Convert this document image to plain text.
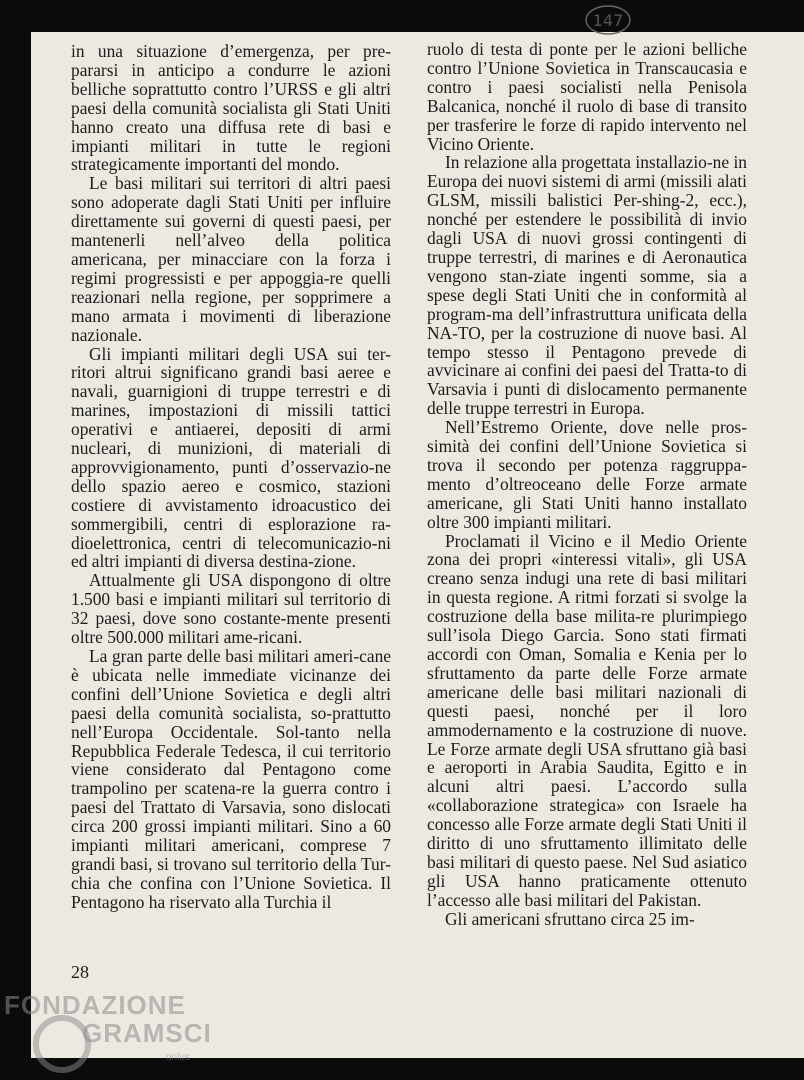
147

in una situazione d’emergenza, per pre-pararsi in anticipo a condurre le azioni belliche soprattutto contro l’URSS e gli altri paesi della comunità socialista gli Stati Uniti hanno creato una diffusa rete di basi e impianti militari in tutte le regioni strategicamente importanti del mondo.

Le basi militari sui territori di altri paesi sono adoperate dagli Stati Uniti per influire direttamente sui governi di questi paesi, per mantenerli nell’alveo della politica americana, per minacciare con la forza i regimi progressisti e per appoggia-re quelli reazionari nella regione, per sopprimere a mano armata i movimenti di liberazione nazionale.

Gli impianti militari degli USA sui ter-ritori altrui significano grandi basi aeree e navali, guarnigioni di truppe terrestri e di marines, impostazioni di missili tattici operativi e antiaerei, depositi di armi nucleari, di munizioni, di materiali di approvvigionamento, punti d’osservazio-ne dello spazio aereo e cosmico, stazioni costiere di avvistamento idroacustico dei sommergibili, centri di esplorazione ra-dioelettronica, centri di telecomunicazio-ni ed altri impianti di diversa destina-zione.

Attualmente gli USA dispongono di oltre 1.500 basi e impianti militari sul territorio di 32 paesi, dove sono costante-mente presenti oltre 500.000 militari ame-ricani.

La gran parte delle basi militari ameri-cane è ubicata nelle immediate vicinanze dei confini dell’Unione Sovietica e degli altri paesi della comunità socialista, so-prattutto nell’Europa Occidentale. Sol-tanto nella Repubblica Federale Tedesca, il cui territorio viene considerato dal Pentagono come trampolino per scatena-re la guerra contro i paesi del Trattato di Varsavia, sono dislocati circa 200 grossi impianti militari. Sino a 60 impianti militari americani, comprese 7 grandi basi, si trovano sul territorio della Tur-chia che confina con l’Unione Sovietica. Il Pentagono ha riservato alla Turchia il

ruolo di testa di ponte per le azioni belliche contro l’Unione Sovietica in Transcaucasia e contro i paesi socialisti nella Penisola Balcanica, nonché il ruolo di base di transito per trasferire le forze di rapido intervento nel Vicino Oriente.

In relazione alla progettata installazio-ne in Europa dei nuovi sistemi di armi (missili alati GLSM, missili balistici Per-shing-2, ecc.), nonché per estendere le possibilità di invio dagli USA di nuovi grossi contingenti di truppe terrestri, di marines e di Aeronautica vengono stan-ziate ingenti somme, sia a spese degli Stati Uniti che in conformità al program-ma dell’infrastruttura unificata della NA-TO, per la costruzione di nuove basi. Al tempo stesso il Pentagono prevede di avvicinare ai confini dei paesi del Tratta-to di Varsavia i punti di dislocamento permanente delle truppe terrestri in Europa.

Nell’Estremo Oriente, dove nelle pros-simità dei confini dell’Unione Sovietica si trova il secondo per potenza raggruppa-mento d’oltreoceano delle Forze armate americane, gli Stati Uniti hanno installato oltre 300 impianti militari.

Proclamati il Vicino e il Medio Oriente zona dei propri «interessi vitali», gli USA creano senza indugi una rete di basi militari in questa regione. A ritmi forzati si svolge la costruzione della base milita-re plurimpiego sull’isola Diego Garcia. Sono stati firmati accordi con Oman, Somalia e Kenia per lo sfruttamento da parte delle Forze armate americane delle basi militari nazionali di questi paesi, nonché per il loro ammodernamento e la costruzione di nuove. Le Forze armate degli USA sfruttano già basi e aeroporti in Arabia Saudita, Egitto e in alcuni altri paesi. L’accordo sulla «collaborazione strategica» con Israele ha concesso alle Forze armate degli Stati Uniti il diritto di uno sfruttamento illimitato delle basi militari di questo paese. Nel Sud asiatico gli USA hanno praticamente ottenuto l’accesso alle basi militari del Pakistan.

Gli americani sfruttano circa 25 im-

28
FONDAZIONE
GRAMSCI
onlus
